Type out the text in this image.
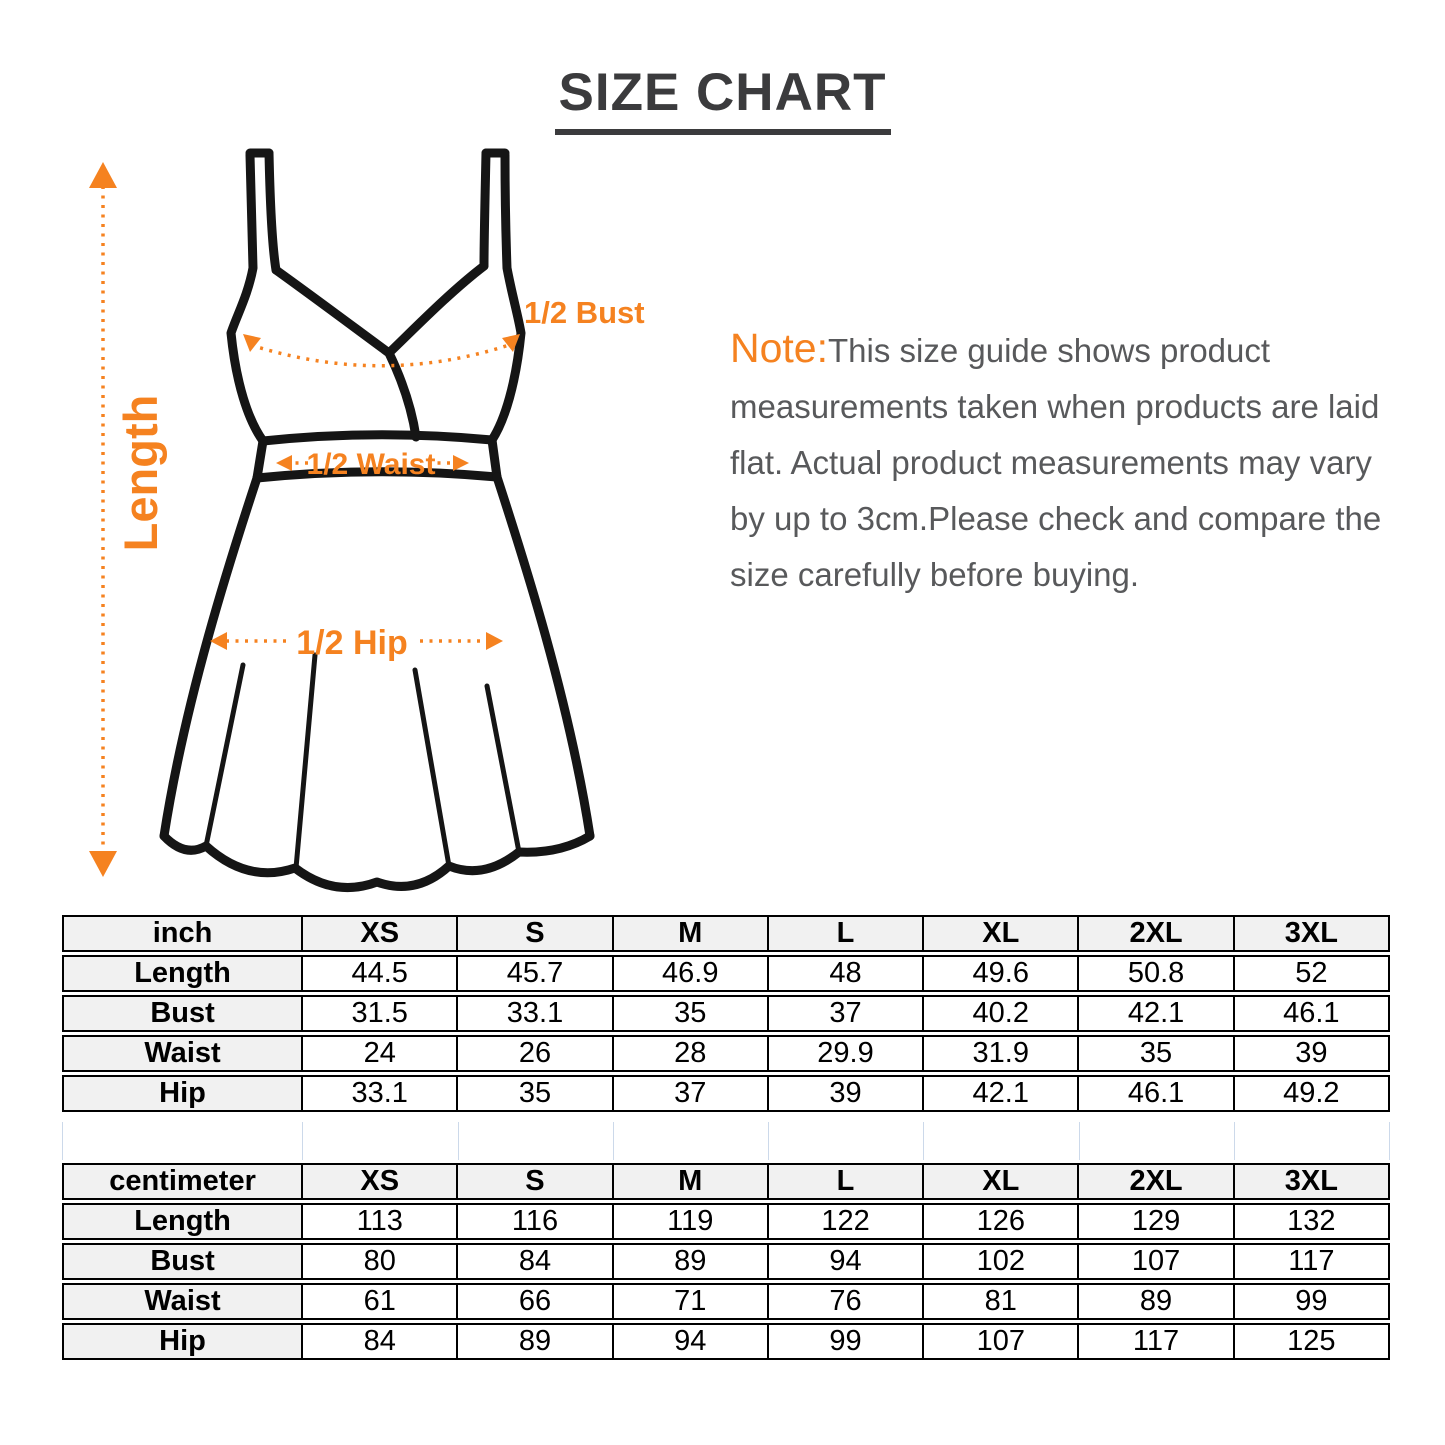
SIZE CHART
Length
1/2 Bust
1/2 Waist
1/2 Hip
Note:This size guide shows product measurements taken when products are laid flat. Actual product measurements may vary by up to 3cm.Please check and compare the size carefully before buying.
inch	XS	S	M	L	XL	2XL	3XL
Length	44.5	45.7	46.9	48	49.6	50.8	52
Bust	31.5	33.1	35	37	40.2	42.1	46.1
Waist	24	26	28	29.9	31.9	35	39
Hip	33.1	35	37	39	42.1	46.1	49.2
centimeter	XS	S	M	L	XL	2XL	3XL
Length	113	116	119	122	126	129	132
Bust	80	84	89	94	102	107	117
Waist	61	66	71	76	81	89	99
Hip	84	89	94	99	107	117	125
